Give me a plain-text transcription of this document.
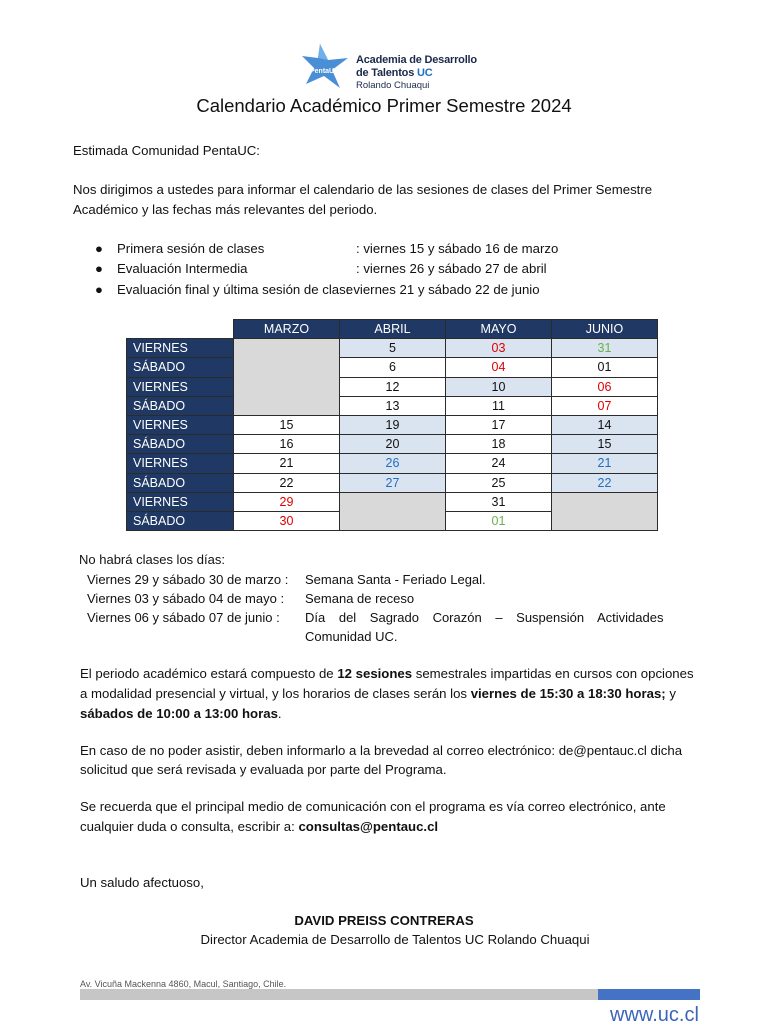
PentaUC
Academia de Desarrollo
de Talentos UC
Rolando Chuaqui
Calendario Académico Primer Semestre 2024
Estimada Comunidad PentaUC:
Nos dirigimos a ustedes para informar el calendario de las sesiones de clases del Primer Semestre
Académico y las fechas más relevantes del periodo.
● Primera sesión de clases	: viernes 15 y sábado 16 de marzo
● Evaluación Intermedia	: viernes 26 y sábado 27 de abril
● Evaluación final y última sesión de clase
: viernes 21 y sábado 22 de junio
	MARZO	ABRIL	MAYO	JUNIO
VIERNES		5	03	31
SÁBADO		6	04	01
VIERNES		12	10	06
SÁBADO		13	11	07
VIERNES	15	19	17	14
SÁBADO	16	20	18	15
VIERNES	21	26	24	21
SÁBADO	22	27	25	22
VIERNES	29		31	
SÁBADO	30		01	
No habrá clases los días:
Viernes 29 y sábado 30 de marzo : Semana Santa - Feriado Legal.
Viernes 03 y sábado 04 de mayo : Semana de receso
Viernes 06 y sábado 07 de junio : Día del Sagrado Corazón – Suspensión Actividades
Comunidad UC.
El periodo académico estará compuesto de 12 sesiones semestrales impartidas en cursos con opciones
a modalidad presencial y virtual, y los horarios de clases serán los viernes de 15:30 a 18:30 horas; y
sábados de 10:00 a 13:00 horas.
En caso de no poder asistir, deben informarlo a la brevedad al correo electrónico: de@pentauc.cl dicha
solicitud que será revisada y evaluada por parte del Programa.
Se recuerda que el principal medio de comunicación con el programa es vía correo electrónico, ante
cualquier duda o consulta, escribir a: consultas@pentauc.cl
Un saludo afectuoso,
DAVID PREISS CONTRERAS
Director Academia de Desarrollo de Talentos UC Rolando Chuaqui
Av. Vicuña Mackenna 4860, Macul, Santiago, Chile.
www.uc.cl
